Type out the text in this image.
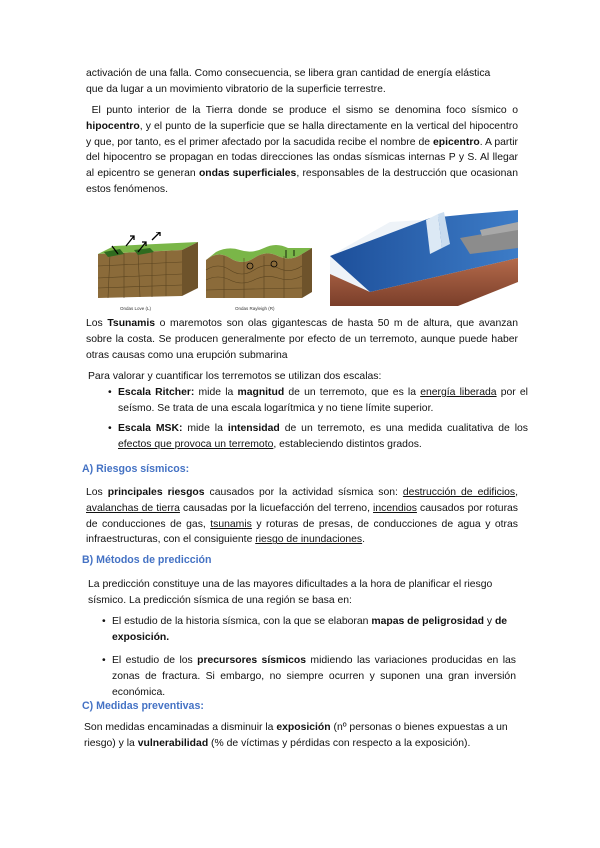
activación de una falla. Como consecuencia, se libera gran cantidad de energía elástica

que da lugar a un movimiento vibratorio de la superficie terrestre.

El punto interior de la Tierra donde se produce el sismo se denomina foco sísmico o hipocentro, y el punto de la superficie que se halla directamente en la vertical del hipocentro y que, por tanto, es el primer afectado por la sacudida recibe el nombre de epicentro. A partir del hipocentro se propagan en todas direcciones las ondas sísmicas internas P y S. Al llegar al epicentro se generan ondas superficiales, responsables de la destrucción que ocasionan estos fenómenos.

Ondas Love (L)	Ondas Rayleigh (R)

Los Tsunamis o maremotos son olas gigantescas de hasta 50 m de altura, que avanzan sobre la costa. Se producen generalmente por efecto de un terremoto, aunque puede haber otras causas como una erupción submarina

Para valorar y cuantificar los terremotos se utilizan dos escalas:

• Escala Ritcher: mide la magnitud de un terremoto, que es la energía liberada por el seísmo. Se trata de una escala logarítmica y no tiene límite superior.

• Escala MSK: mide la intensidad de un terremoto, es una medida cualitativa de los efectos que provoca un terremoto, estableciendo distintos grados.

A) Riesgos sísmicos:

Los principales riesgos causados por la actividad sísmica son: destrucción de edificios, avalanchas de tierra causadas por la licuefacción del terreno, incendios causados por roturas de conducciones de gas, tsunamis y roturas de presas, de conducciones de agua y otras infraestructuras, con el consiguiente riesgo de inundaciones.

B) Métodos de predicción

La predicción constituye una de las mayores dificultades a la hora de planificar el riesgo sísmico. La predicción sísmica de una región se basa en:

• El estudio de la historia sísmica, con la que se elaboran mapas de peligrosidad y de exposición.

• El estudio de los precursores sísmicos midiendo las variaciones producidas en las zonas de fractura. Si embargo, no siempre ocurren y suponen una gran inversión económica.

C) Medidas preventivas:

Son medidas encaminadas a disminuir la exposición (nº personas o bienes expuestas a un riesgo) y la vulnerabilidad (% de víctimas y pérdidas con respecto a la exposición).
